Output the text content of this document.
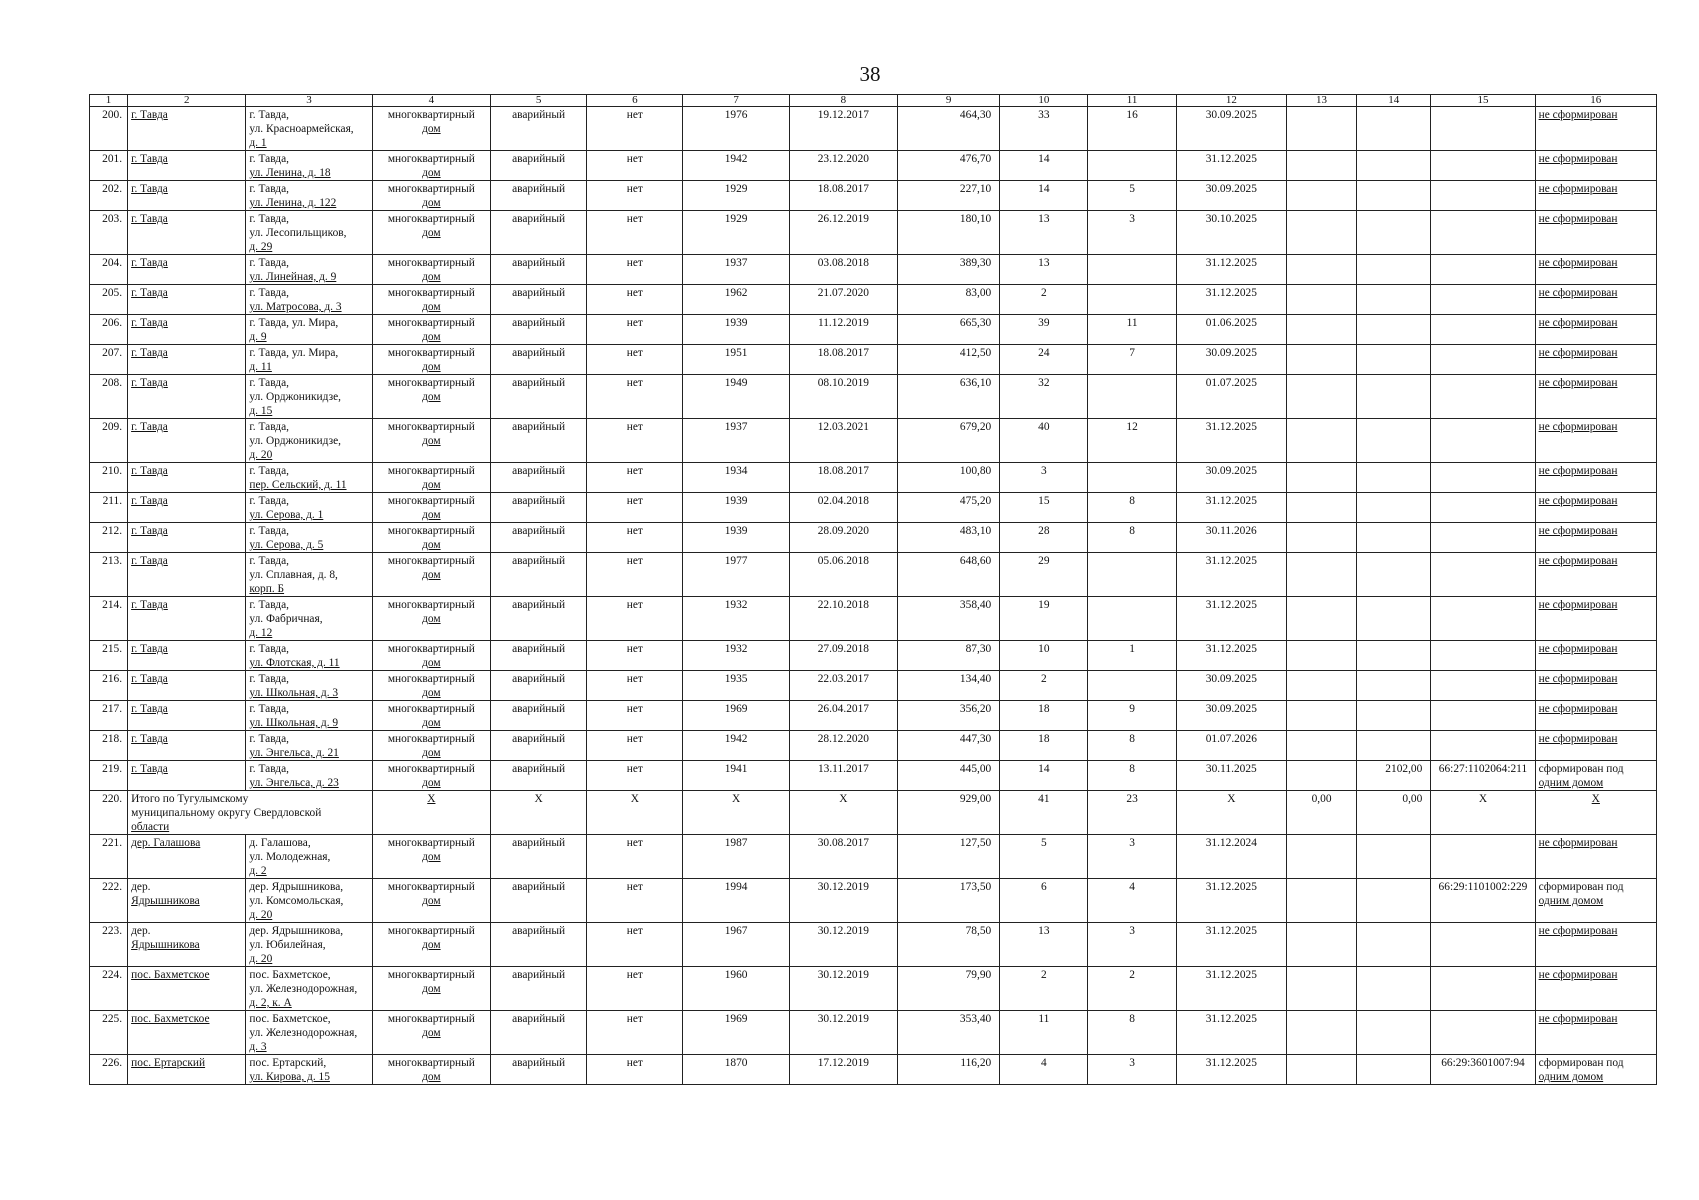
38
1	2	3	4	5	6	7	8	9	10	11	12	13	14	15	16
200.	г. Тавда	г. Тавда,
ул. Красноармейская,
д. 1	многоквартирный
дом	аварийный	нет	1976	19.12.2017	464,30	33	16	30.09.2025				не сформирован

201.	г. Тавда	г. Тавда,
ул. Ленина, д. 18	многоквартирный
дом	аварийный	нет	1942	23.12.2020	476,70	14		31.12.2025				не сформирован

202.	г. Тавда	г. Тавда,
ул. Ленина, д. 122	многоквартирный
дом	аварийный	нет	1929	18.08.2017	227,10	14	5	30.09.2025				не сформирован

203.	г. Тавда	г. Тавда,
ул. Лесопильщиков,
д. 29	многоквартирный
дом	аварийный	нет	1929	26.12.2019	180,10	13	3	30.10.2025				не сформирован

204.	г. Тавда	г. Тавда,
ул. Линейная, д. 9	многоквартирный
дом	аварийный	нет	1937	03.08.2018	389,30	13		31.12.2025				не сформирован

205.	г. Тавда	г. Тавда,
ул. Матросова, д. 3	многоквартирный
дом	аварийный	нет	1962	21.07.2020	83,00	2		31.12.2025				не сформирован

206.	г. Тавда	г. Тавда, ул. Мира,
д. 9	многоквартирный
дом	аварийный	нет	1939	11.12.2019	665,30	39	11	01.06.2025				не сформирован

207.	г. Тавда	г. Тавда, ул. Мира,
д. 11	многоквартирный
дом	аварийный	нет	1951	18.08.2017	412,50	24	7	30.09.2025				не сформирован

208.	г. Тавда	г. Тавда,
ул. Орджоникидзе,
д. 15	многоквартирный
дом	аварийный	нет	1949	08.10.2019	636,10	32		01.07.2025				не сформирован

209.	г. Тавда	г. Тавда,
ул. Орджоникидзе,
д. 20	многоквартирный
дом	аварийный	нет	1937	12.03.2021	679,20	40	12	31.12.2025				не сформирован

210.	г. Тавда	г. Тавда,
пер. Сельский, д. 11	многоквартирный
дом	аварийный	нет	1934	18.08.2017	100,80	3		30.09.2025				не сформирован

211.	г. Тавда	г. Тавда,
ул. Серова, д. 1	многоквартирный
дом	аварийный	нет	1939	02.04.2018	475,20	15	8	31.12.2025				не сформирован

212.	г. Тавда	г. Тавда,
ул. Серова, д. 5	многоквартирный
дом	аварийный	нет	1939	28.09.2020	483,10	28	8	30.11.2026				не сформирован

213.	г. Тавда	г. Тавда,
ул. Сплавная, д. 8,
корп. Б	многоквартирный
дом	аварийный	нет	1977	05.06.2018	648,60	29		31.12.2025				не сформирован

214.	г. Тавда	г. Тавда,
ул. Фабричная,
д. 12	многоквартирный
дом	аварийный	нет	1932	22.10.2018	358,40	19		31.12.2025				не сформирован

215.	г. Тавда	г. Тавда,
ул. Флотская, д. 11	многоквартирный
дом	аварийный	нет	1932	27.09.2018	87,30	10	1	31.12.2025				не сформирован

216.	г. Тавда	г. Тавда,
ул. Школьная, д. 3	многоквартирный
дом	аварийный	нет	1935	22.03.2017	134,40	2		30.09.2025				не сформирован

217.	г. Тавда	г. Тавда,
ул. Школьная, д. 9	многоквартирный
дом	аварийный	нет	1969	26.04.2017	356,20	18	9	30.09.2025				не сформирован

218.	г. Тавда	г. Тавда,
ул. Энгельса, д. 21	многоквартирный
дом	аварийный	нет	1942	28.12.2020	447,30	18	8	01.07.2026				не сформирован

219.	г. Тавда	г. Тавда,
ул. Энгельса, д. 23	многоквартирный
дом	аварийный	нет	1941	13.11.2017	445,00	14	8	30.11.2025		2102,00	66:27:1102064:211	сформирован под
одним домом

220.	Итого по Тугулымскому
муниципальному округу Свердловской
области		X	X	X	X	X	929,00	41	23	X	0,00	0,00	X	X

221.	дер. Галашова	д. Галашова,
ул. Молодежная,
д. 2	многоквартирный
дом	аварийный	нет	1987	30.08.2017	127,50	5	3	31.12.2024				не сформирован

222.	дер.
Ядрышникова	дер. Ядрышникова,
ул. Комсомольская,
д. 20	многоквартирный
дом	аварийный	нет	1994	30.12.2019	173,50	6	4	31.12.2025			66:29:1101002:229	сформирован под
одним домом

223.	дер.
Ядрышникова	дер. Ядрышникова,
ул. Юбилейная,
д. 20	многоквартирный
дом	аварийный	нет	1967	30.12.2019	78,50	13	3	31.12.2025				не сформирован

224.	пос. Бахметское	пос. Бахметское,
ул. Железнодорожная,
д. 2, к. А	многоквартирный
дом	аварийный	нет	1960	30.12.2019	79,90	2	2	31.12.2025				не сформирован

225.	пос. Бахметское	пос. Бахметское,
ул. Железнодорожная,
д. 3	многоквартирный
дом	аварийный	нет	1969	30.12.2019	353,40	11	8	31.12.2025				не сформирован

226.	пос. Ертарский	пос. Ертарский,
ул. Кирова, д. 15	многоквартирный
дом	аварийный	нет	1870	17.12.2019	116,20	4	3	31.12.2025			66:29:3601007:94	сформирован под
одним домом
